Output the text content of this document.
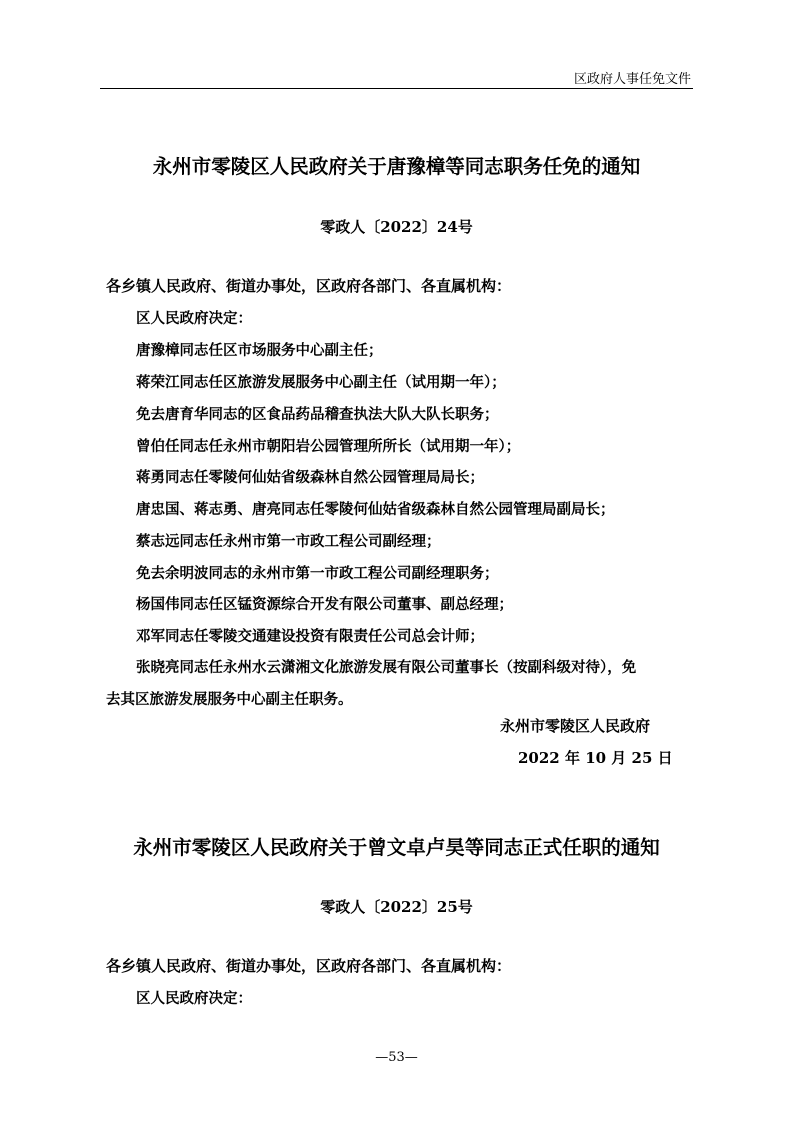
区政府人事任免文件
永州市零陵区人民政府关于唐豫樟等同志职务任免的通知
零政人〔2022〕24号
各乡镇人民政府、街道办事处，区政府各部门、各直属机构：
区人民政府决定：
唐豫樟同志任区市场服务中心副主任；
蒋荣江同志任区旅游发展服务中心副主任（试用期一年）；
免去唐育华同志的区食品药品稽查执法大队大队长职务；
曾伯任同志任永州市朝阳岩公园管理所所长（试用期一年）；
蒋勇同志任零陵何仙姑省级森林自然公园管理局局长；
唐忠国、蒋志勇、唐亮同志任零陵何仙姑省级森林自然公园管理局副局长；
蔡志远同志任永州市第一市政工程公司副经理；
免去余明波同志的永州市第一市政工程公司副经理职务；
杨国伟同志任区锰资源综合开发有限公司董事、副总经理；
邓军同志任零陵交通建设投资有限责任公司总会计师；
张晓亮同志任永州水云潇湘文化旅游发展有限公司董事长（按副科级对待），免
去其区旅游发展服务中心副主任职务。
永州市零陵区人民政府
2022 年 10 月 25 日
永州市零陵区人民政府关于曾文卓卢昊等同志正式任职的通知
零政人〔2022〕25号
各乡镇人民政府、街道办事处，区政府各部门、各直属机构：
区人民政府决定：
—53—
